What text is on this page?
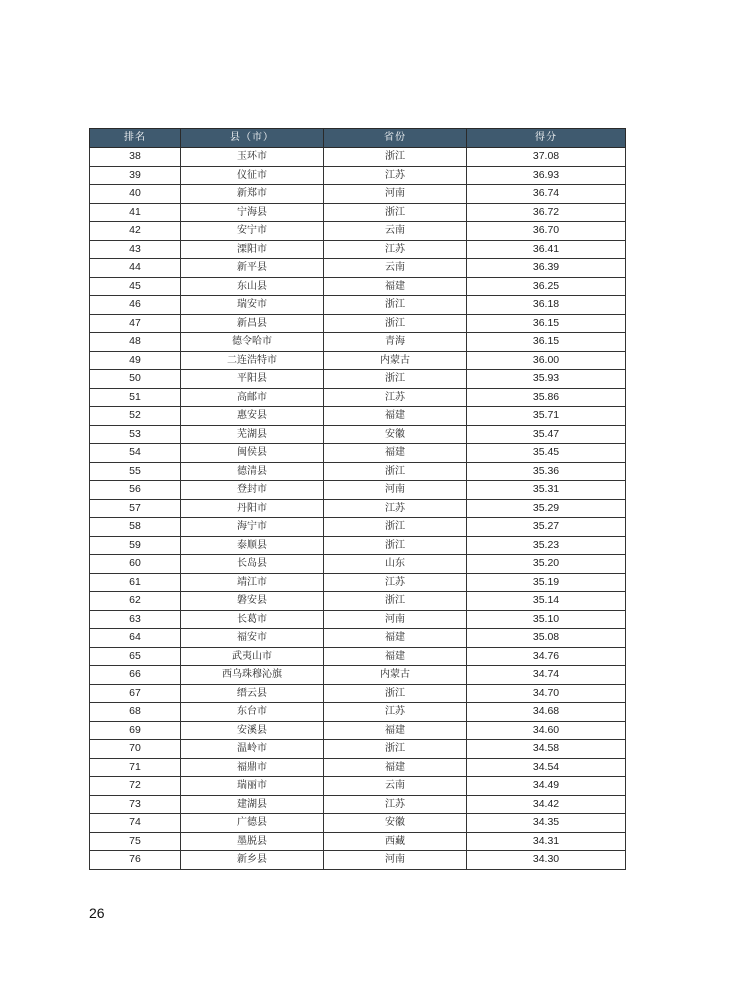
排名	县（市）	省份	得分
38	玉环市	浙江	37.08
39	仪征市	江苏	36.93
40	新郑市	河南	36.74
41	宁海县	浙江	36.72
42	安宁市	云南	36.70
43	溧阳市	江苏	36.41
44	新平县	云南	36.39
45	东山县	福建	36.25
46	瑞安市	浙江	36.18
47	新昌县	浙江	36.15
48	德令哈市	青海	36.15
49	二连浩特市	内蒙古	36.00
50	平阳县	浙江	35.93
51	高邮市	江苏	35.86
52	惠安县	福建	35.71
53	芜湖县	安徽	35.47
54	闽侯县	福建	35.45
55	德清县	浙江	35.36
56	登封市	河南	35.31
57	丹阳市	江苏	35.29
58	海宁市	浙江	35.27
59	泰顺县	浙江	35.23
60	长岛县	山东	35.20
61	靖江市	江苏	35.19
62	磐安县	浙江	35.14
63	长葛市	河南	35.10
64	福安市	福建	35.08
65	武夷山市	福建	34.76
66	西乌珠穆沁旗	内蒙古	34.74
67	缙云县	浙江	34.70
68	东台市	江苏	34.68
69	安溪县	福建	34.60
70	温岭市	浙江	34.58
71	福鼎市	福建	34.54
72	瑞丽市	云南	34.49
73	建湖县	江苏	34.42
74	广德县	安徽	34.35
75	墨脱县	西藏	34.31
76	新乡县	河南	34.30
26
